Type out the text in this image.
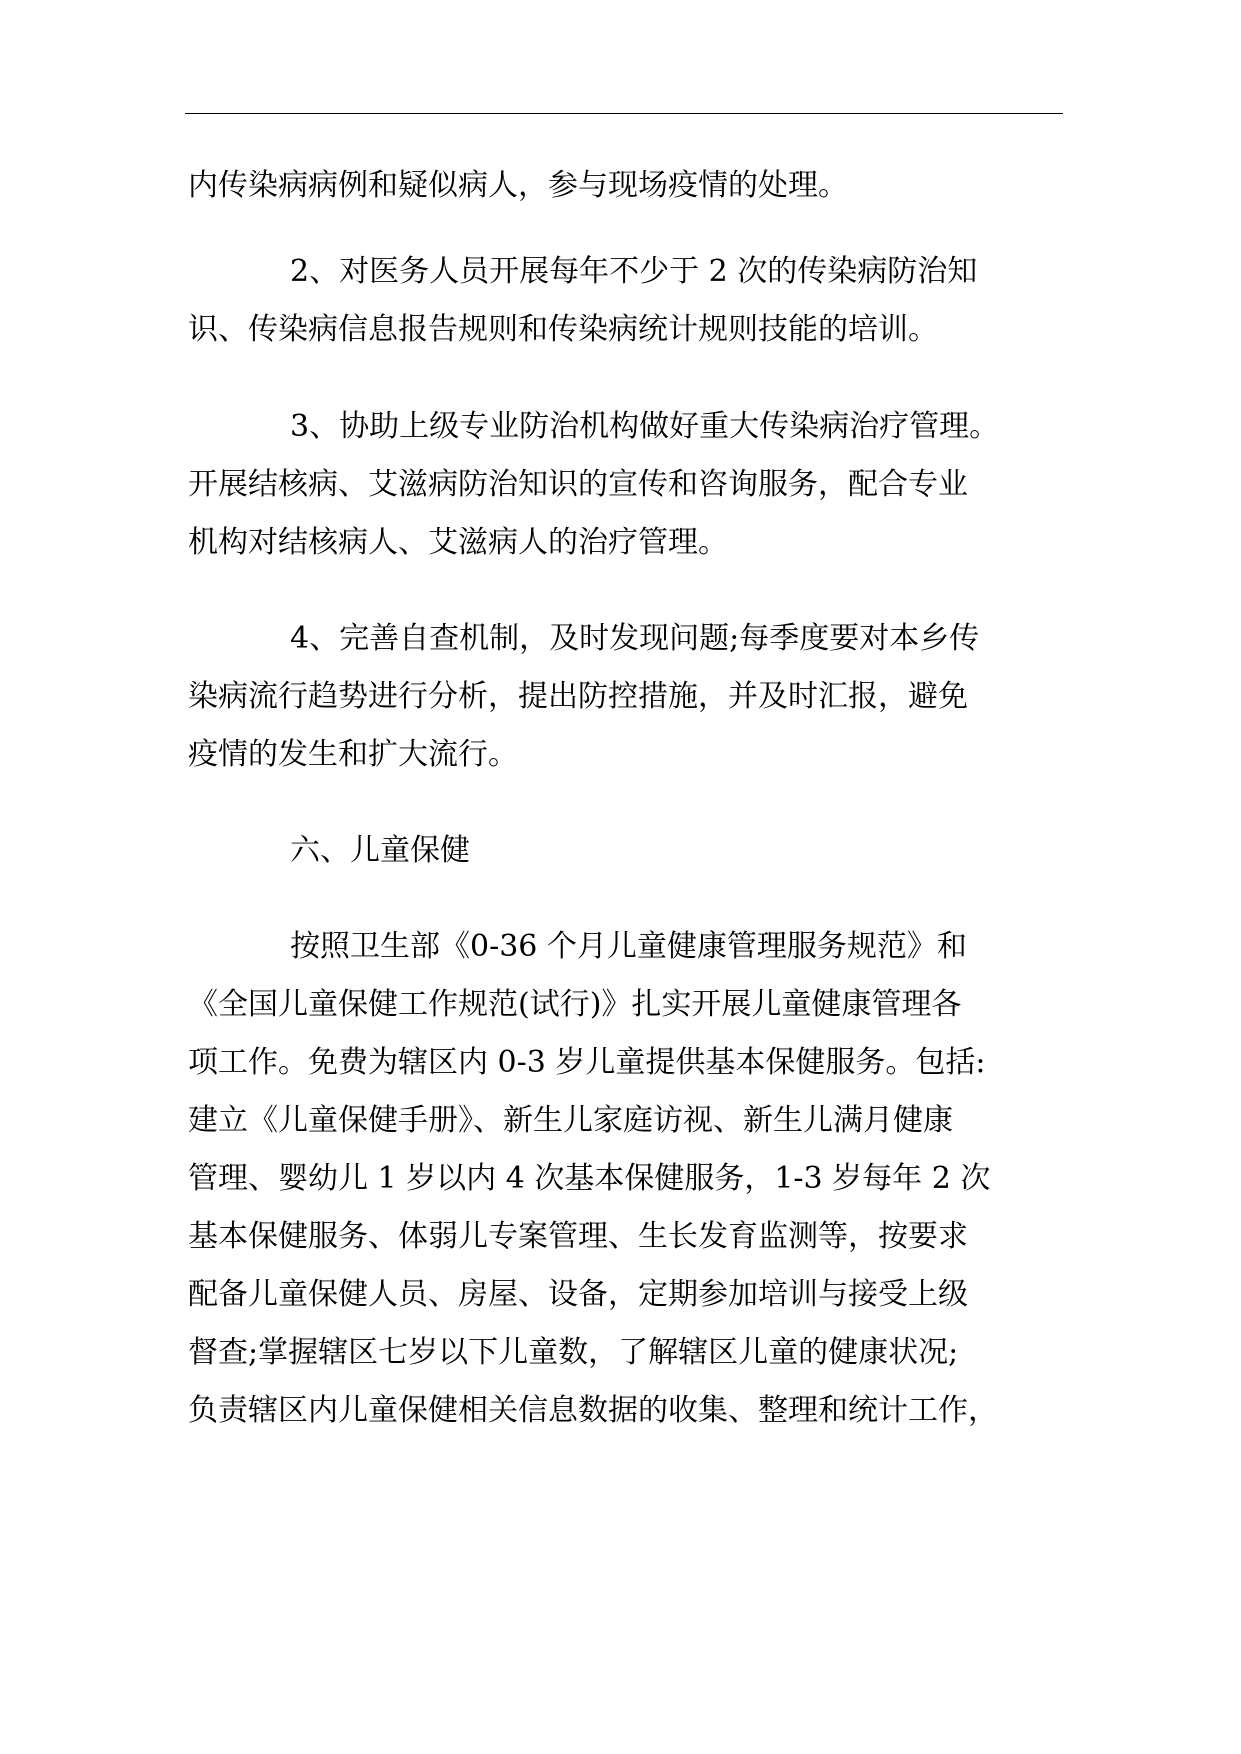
内传染病病例和疑似病人，参与现场疫情的处理。

2、对医务人员开展每年不少于 2 次的传染病防治知

识、传染病信息报告规则和传染病统计规则技能的培训。

3、协助上级专业防治机构做好重大传染病治疗管理。

开展结核病、艾滋病防治知识的宣传和咨询服务，配合专业

机构对结核病人、艾滋病人的治疗管理。

4、完善自查机制，及时发现问题;每季度要对本乡传

染病流行趋势进行分析，提出防控措施，并及时汇报，避免

疫情的发生和扩大流行。

六、儿童保健

按照卫生部《0-36 个月儿童健康管理服务规范》和

《全国儿童保健工作规范(试行)》扎实开展儿童健康管理各

项工作。免费为辖区内 0-3 岁儿童提供基本保健服务。包括:

建立《儿童保健手册》、新生儿家庭访视、新生儿满月健康

管理、婴幼儿 1 岁以内 4 次基本保健服务，1-3 岁每年 2 次

基本保健服务、体弱儿专案管理、生长发育监测等，按要求

配备儿童保健人员、房屋、设备，定期参加培训与接受上级

督查;掌握辖区七岁以下儿童数，了解辖区儿童的健康状况;

负责辖区内儿童保健相关信息数据的收集、整理和统计工作，
